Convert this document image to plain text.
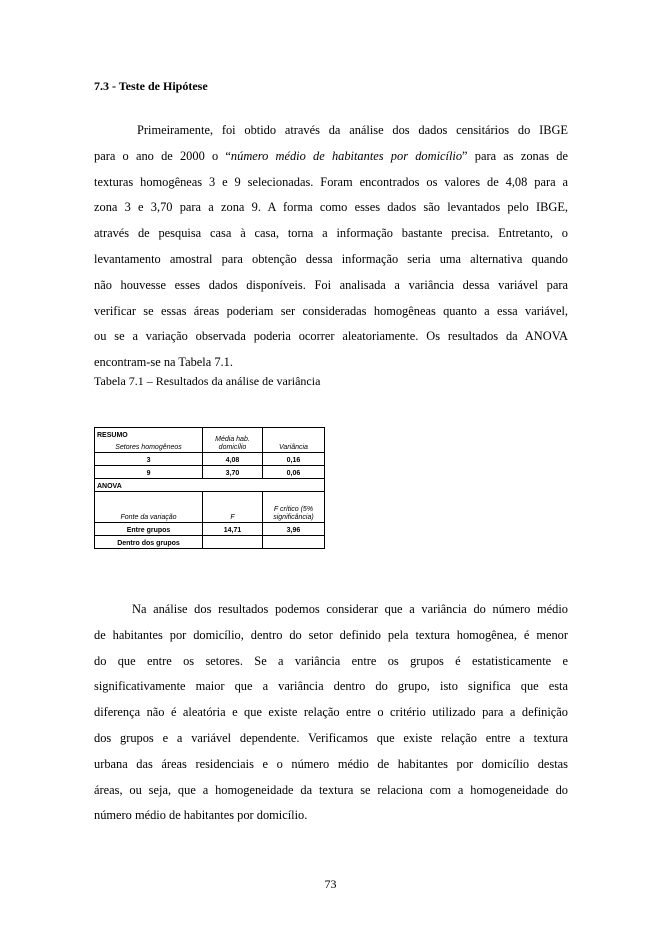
7.3 - Teste de Hipótese
Primeiramente, foi obtido através da análise dos dados censitários do IBGE
para o ano de 2000 o “número médio de habitantes por domicílio” para as zonas de
texturas homogêneas 3 e 9 selecionadas. Foram encontrados os valores de 4,08 para a
zona 3 e 3,70 para a zona 9. A forma como esses dados são levantados pelo IBGE,
através de pesquisa casa à casa, torna a informação bastante precisa. Entretanto, o
levantamento amostral para obtenção dessa informação seria uma alternativa quando
não houvesse esses dados disponíveis. Foi analisada a variância dessa variável para
verificar se essas áreas poderiam ser consideradas homogêneas quanto a essa variável,
ou se a variação observada poderia ocorrer aleatoriamente. Os resultados da ANOVA
encontram-se na Tabela 7.1.
Tabela 7.1 – Resultados da análise de variância
RESUMO	Média hab. domicílio	Variância
Setores homogêneos		
3	4,08	0,16
9	3,70	0,06
ANOVA		
Fonte da variação	F	F crítico (5% significância)
Entre grupos	14,71	3,96
Dentro dos grupos		
Na análise dos resultados podemos considerar que a variância do número médio
de habitantes por domicílio, dentro do setor definido pela textura homogênea, é menor
do que entre os setores. Se a variância entre os grupos é estatisticamente e
significativamente maior que a variância dentro do grupo, isto significa que esta
diferença não é aleatória e que existe relação entre o critério utilizado para a definição
dos grupos e a variável dependente. Verificamos que existe relação entre a textura
urbana das áreas residenciais e o número médio de habitantes por domicílio destas
áreas, ou seja, que a homogeneidade da textura se relaciona com a homogeneidade do
número médio de habitantes por domicílio.
73
